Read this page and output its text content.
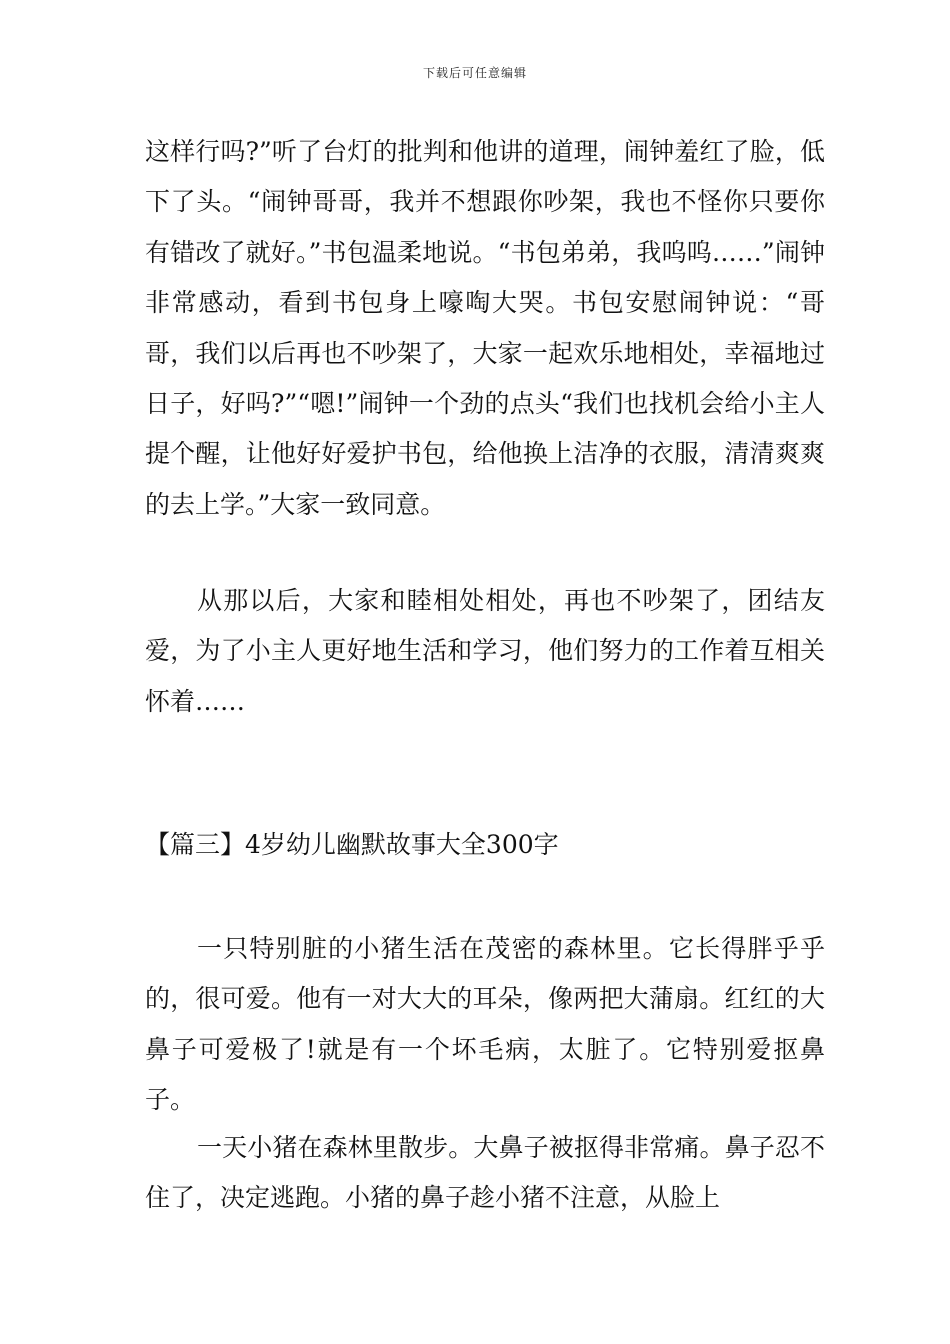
下载后可任意编辑

这样行吗?”听了台灯的批判和他讲的道理，闹钟羞红了脸，低下了头。“闹钟哥哥，我并不想跟你吵架，我也不怪你只要你有错改了就好。”书包温柔地说。“书包弟弟，我呜呜……”闹钟非常感动，看到书包身上嚎啕大哭。书包安慰闹钟说：“哥哥，我们以后再也不吵架了，大家一起欢乐地相处，幸福地过日子，好吗?”“嗯!”闹钟一个劲的点头“我们也找机会给小主人提个醒，让他好好爱护书包，给他换上洁净的衣服，清清爽爽的去上学。”大家一致同意。

从那以后，大家和睦相处相处，再也不吵架了，团结友爱，为了小主人更好地生活和学习，他们努力的工作着互相关怀着……

【篇三】4岁幼儿幽默故事大全300字

一只特别脏的小猪生活在茂密的森林里。它长得胖乎乎的，很可爱。他有一对大大的耳朵，像两把大蒲扇。红红的大鼻子可爱极了!就是有一个坏毛病，太脏了。它特别爱抠鼻子。

一天小猪在森林里散步。大鼻子被抠得非常痛。鼻子忍不住了，决定逃跑。小猪的鼻子趁小猪不注意，从脸上
